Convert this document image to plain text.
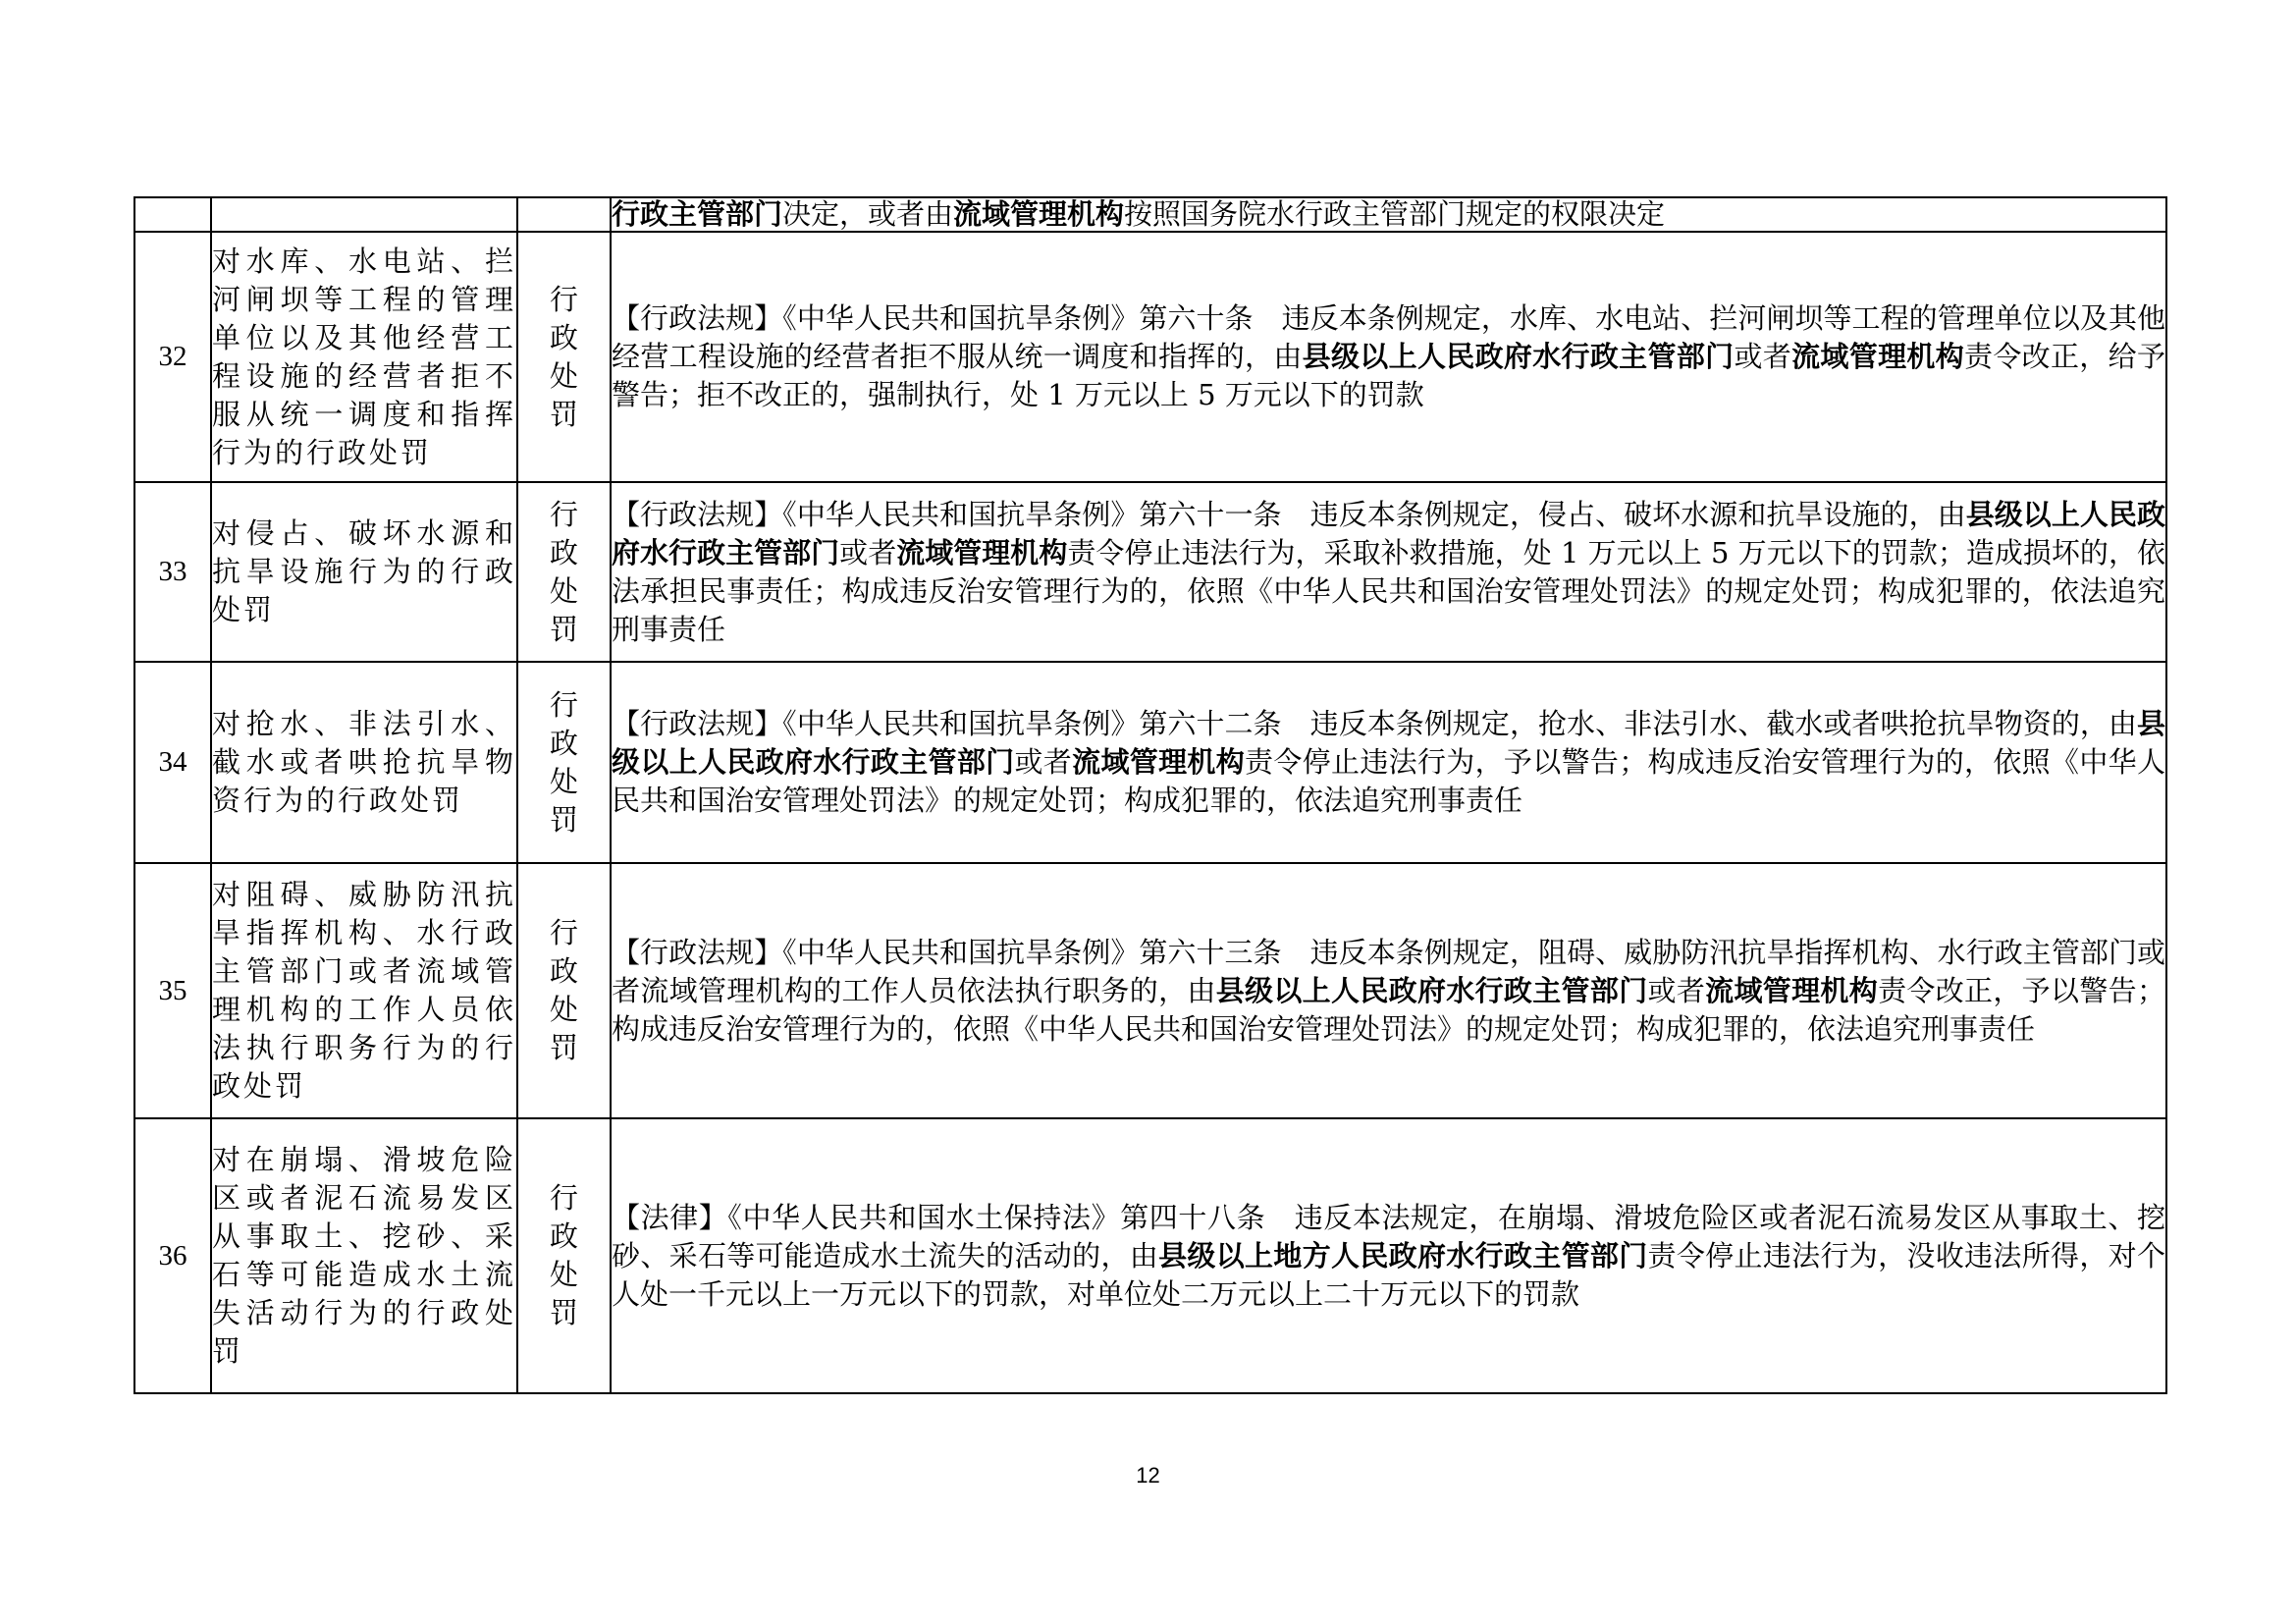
			行政主管部门决定，或者由流域管理机构按照国务院水行政主管部门规定的权限决定
32	对水库、水电站、拦河闸坝等工程的管理单位以及其他经营工程设施的经营者拒不服从统一调度和指挥行为的行政处罚	行政处罚	【行政法规】《中华人民共和国抗旱条例》第六十条　违反本条例规定，水库、水电站、拦河闸坝等工程的管理单位以及其他经营工程设施的经营者拒不服从统一调度和指挥的，由县级以上人民政府水行政主管部门或者流域管理机构责令改正，给予警告；拒不改正的，强制执行，处 1 万元以上 5 万元以下的罚款
33	对侵占、破坏水源和抗旱设施行为的行政处罚	行政处罚	【行政法规】《中华人民共和国抗旱条例》第六十一条　违反本条例规定，侵占、破坏水源和抗旱设施的，由县级以上人民政府水行政主管部门或者流域管理机构责令停止违法行为，采取补救措施，处 1 万元以上 5 万元以下的罚款；造成损坏的，依法承担民事责任；构成违反治安管理行为的，依照《中华人民共和国治安管理处罚法》的规定处罚；构成犯罪的，依法追究刑事责任
34	对抢水、非法引水、截水或者哄抢抗旱物资行为的行政处罚	行政处罚	【行政法规】《中华人民共和国抗旱条例》第六十二条　违反本条例规定，抢水、非法引水、截水或者哄抢抗旱物资的，由县级以上人民政府水行政主管部门或者流域管理机构责令停止违法行为，予以警告；构成违反治安管理行为的，依照《中华人民共和国治安管理处罚法》的规定处罚；构成犯罪的，依法追究刑事责任
35	对阻碍、威胁防汛抗旱指挥机构、水行政主管部门或者流域管理机构的工作人员依法执行职务行为的行政处罚	行政处罚	【行政法规】《中华人民共和国抗旱条例》第六十三条　违反本条例规定，阻碍、威胁防汛抗旱指挥机构、水行政主管部门或者流域管理机构的工作人员依法执行职务的，由县级以上人民政府水行政主管部门或者流域管理机构责令改正，予以警告；构成违反治安管理行为的，依照《中华人民共和国治安管理处罚法》的规定处罚；构成犯罪的，依法追究刑事责任
36	对在崩塌、滑坡危险区或者泥石流易发区从事取土、挖砂、采石等可能造成水土流失活动行为的行政处罚	行政处罚	【法律】《中华人民共和国水土保持法》第四十八条　违反本法规定，在崩塌、滑坡危险区或者泥石流易发区从事取土、挖砂、采石等可能造成水土流失的活动的，由县级以上地方人民政府水行政主管部门责令停止违法行为，没收违法所得，对个人处一千元以上一万元以下的罚款，对单位处二万元以上二十万元以下的罚款
12
